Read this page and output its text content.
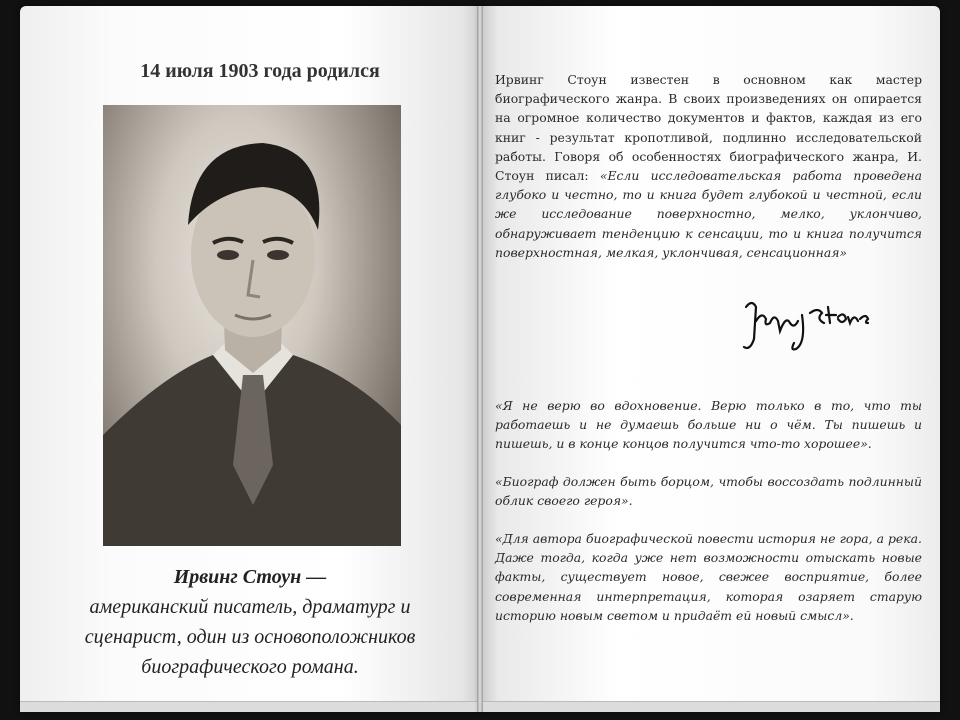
14 июля 1903 года родился
Ирвинг Стоун —
американский писатель, драматург и
сценарист, один из основоположников
биографического романа.

Ирвинг Стоун известен в основном как мастер биографического жанра. В своих произведениях он опирается на огромное количество документов и фактов, каждая из его книг - результат кропотливой, подлинно исследовательской работы. Говоря об особенностях биографического жанра, И. Стоун писал: «Если исследовательская работа проведена глубоко и честно, то и книга будет глубокой и честной, если же исследование поверхностно, мелко, уклончиво, обнаруживает тенденцию к сенсации, то и книга получится поверхностная, мелкая, уклончивая, сенсационная»

«Я не верю во вдохновение. Верю только в то, что ты работаешь и не думаешь больше ни о чём. Ты пишешь и пишешь, и в конце концов получится что-то хорошее».
«Биограф должен быть борцом, чтобы воссоздать подлинный облик своего героя».
«Для автора биографической повести история не гора, а река. Даже тогда, когда уже нет возможности отыскать новые факты, существует новое, свежее восприятие, более современная интерпретация, которая озаряет старую историю новым светом и придаёт ей новый смысл».
